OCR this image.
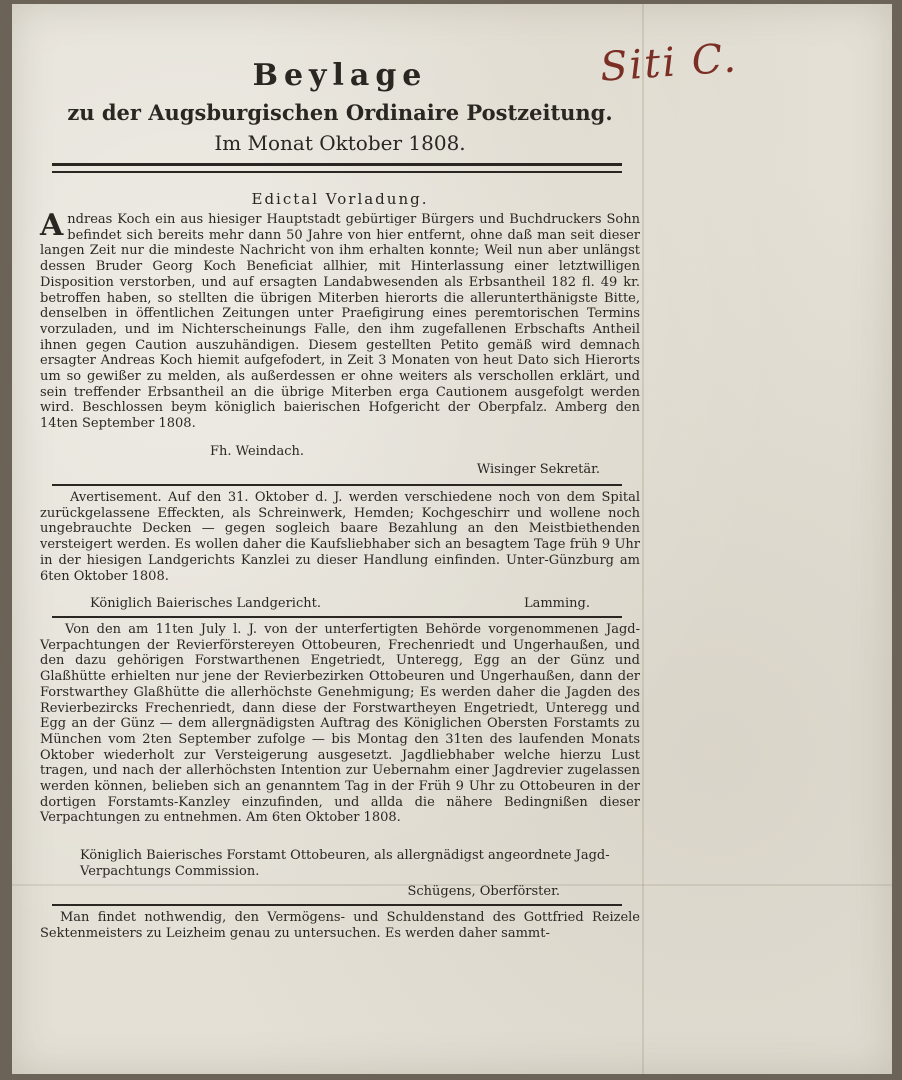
Siti C.
Beylage
zu der Augsburgischen Ordinaire Postzeitung.
Im Monat Oktober 1808.
Edictal Vorladung.
Andreas Koch ein aus hiesiger Hauptstadt gebürtiger Bürgers und Buchdruckers Sohn befindet sich bereits mehr dann 50 Jahre von hier entfernt, ohne daß man seit dieser langen Zeit nur die mindeste Nachricht von ihm erhalten konnte; Weil nun aber unlängst dessen Bruder Georg Koch Beneficiat allhier, mit Hinterlassung einer letztwilligen Disposition verstorben, und auf ersagten Landabwesenden als Erbsantheil 182 fl. 49 kr. betroffen haben, so stellten die übrigen Miterben hierorts die allerunterthänigste Bitte, denselben in öffentlichen Zeitungen unter Praefigirung eines peremtorischen Termins vorzuladen, und im Nichterscheinungs Falle, den ihm zugefallenen Erbschafts Antheil ihnen gegen Caution auszuhändigen. Diesem gestellten Petito gemäß wird demnach ersagter Andreas Koch hiemit aufgefodert, in Zeit 3 Monaten von heut Dato sich Hierorts um so gewißer zu melden, als außerdessen er ohne weiters als verschollen erklärt, und sein treffender Erbsantheil an die übrige Miterben erga Cautionem ausgefolgt werden wird. Beschlossen beym königlich baierischen Hofgericht der Oberpfalz. Amberg den 14ten September 1808.
Fh. Weindach.
Wisinger Sekretär.
Avertisement. Auf den 31. Oktober d. J. werden verschiedene noch von dem Spital zurückgelassene Effeckten, als Schreinwerk, Hemden; Kochgeschirr und wollene noch ungebrauchte Decken — gegen sogleich baare Bezahlung an den Meistbiethenden versteigert werden. Es wollen daher die Kaufsliebhaber sich an besagtem Tage früh 9 Uhr in der hiesigen Landgerichts Kanzlei zu dieser Handlung einfinden. Unter-Günzburg am 6ten Oktober 1808.
Königlich Baierisches Landgericht.	Lamming.
Von den am 11ten July l. J. von der unterfertigten Behörde vorgenommenen Jagd-Verpachtungen der Revierförstereyen Ottobeuren, Frechenriedt und Ungerhaußen, und den dazu gehörigen Forstwarthenen Engetriedt, Unteregg, Egg an der Günz und Glaßhütte erhielten nur jene der Revierbezirken Ottobeuren und Ungerhaußen, dann der Forstwarthey Glaßhütte die allerhöchste Genehmigung; Es werden daher die Jagden des Revierbezircks Frechenriedt, dann diese der Forstwartheyen Engetriedt, Unteregg und Egg an der Günz — dem allergnädigsten Auftrag des Königlichen Obersten Forstamts zu München vom 2ten September zufolge — bis Montag den 31ten des laufenden Monats Oktober wiederholt zur Versteigerung ausgesetzt. Jagdliebhaber welche hierzu Lust tragen, und nach der allerhöchsten Intention zur Uebernahm einer Jagdrevier zugelassen werden können, belieben sich an genanntem Tag in der Früh 9 Uhr zu Ottobeuren in der dortigen Forstamts-Kanzley einzufinden, und allda die nähere Bedingnißen dieser Verpachtungen zu entnehmen. Am 6ten Oktober 1808.
Königlich Baierisches Forstamt Ottobeuren, als allergnädigst angeordnete Jagd-Verpachtungs Commission.
Schügens, Oberförster.
Man findet nothwendig, den Vermögens- und Schuldenstand des Gottfried Reizele Sektenmeisters zu Leizheim genau zu untersuchen. Es werden daher sammt-
